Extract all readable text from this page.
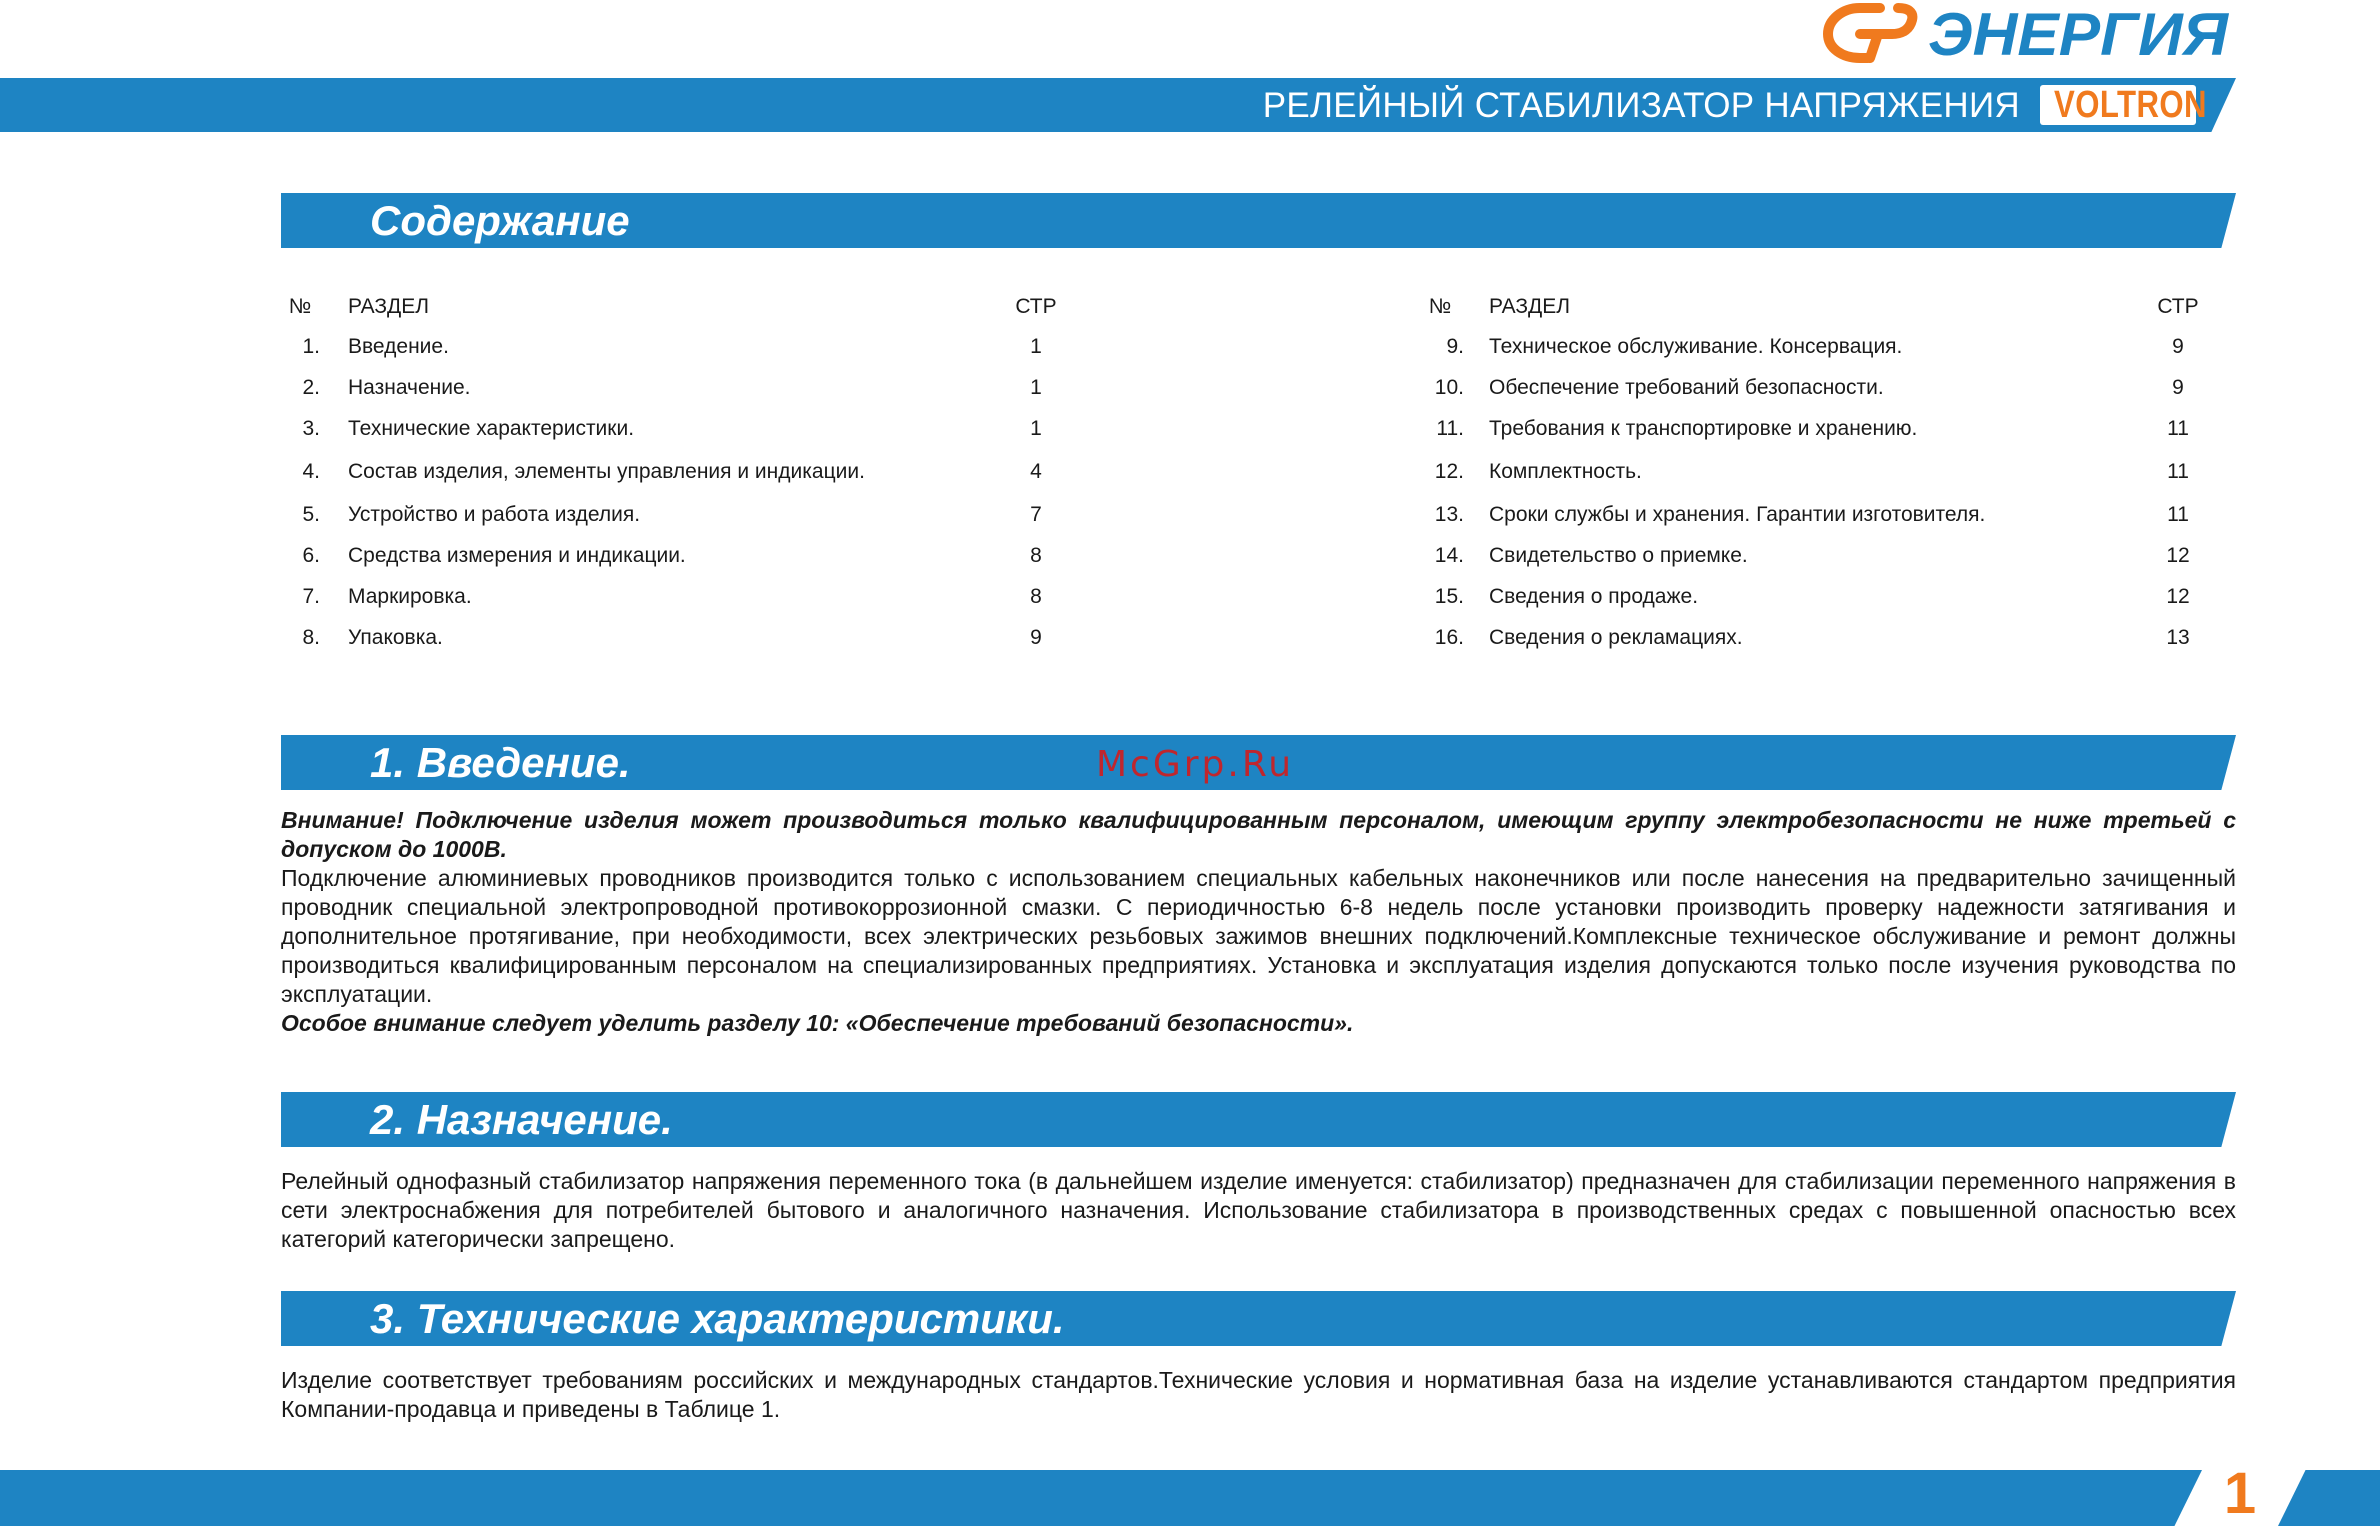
ЭНЕРГИЯ
РЕЛЕЙНЫЙ СТАБИЛИЗАТОР НАПРЯЖЕНИЯ VOLTRON
Содержание
№	РАЗДЕЛ	СТР
1. Введение.	1
2. Назначение.	1
3. Технические характеристики.	1
4. Состав изделия, элементы управления и индикации.	4
5. Устройство и работа изделия.	7
6. Средства измерения и индикации.	8
7. Маркировка.	8
8. Упаковка.	9
№	РАЗДЕЛ	СТР
9. Техническое обслуживание. Консервация.	9
10. Обеспечение требований безопасности.	9
11. Требования к транспортировке и хранению.	11
12. Комплектность.	11
13. Сроки службы и хранения. Гарантии изготовителя.	11
14. Свидетельство о приемке.	12
15. Сведения о продаже.	12
16. Сведения о рекламациях.	13
1. Введение.	McGrp.Ru

Внимание! Подключение изделия может производиться только квалифицированным персоналом, имеющим группу электробезопасности не ниже третьей с допуском до 1000В.

Подключение алюминиевых проводников производится только с использованием специальных кабельных наконечников или после нанесения на предварительно зачищенный проводник специальной электропроводной противокоррозионной смазки. С периодичностью 6-8 недель после установки производить проверку надежности затягивания и дополнительное протягивание, при необходимости, всех электрических резьбовых зажимов внешних подключений.Комплексные техническое обслуживание и ремонт должны производиться квалифицированным персоналом на специализированных предприятиях. Установка и эксплуатация изделия допускаются только после изучения руководства по эксплуатации.

Особое внимание следует уделить разделу 10: «Обеспечение требований безопасности».

2. Назначение.

Релейный однофазный стабилизатор напряжения переменного тока (в дальнейшем изделие именуется: стабилизатор) предназначен для стабилизации переменного напряжения в сети электроснабжения для потребителей бытового и аналогичного назначения. Использование стабилизатора в производственных средах с повышенной опасностью всех категорий категорически запрещено.

3. Технические характеристики.

Изделие соответствует требованиям российских и международных стандартов.Технические условия и нормативная база на изделие устанавливаются стандартом предприятия Компании-продавца и приведены в Таблице 1.

1
